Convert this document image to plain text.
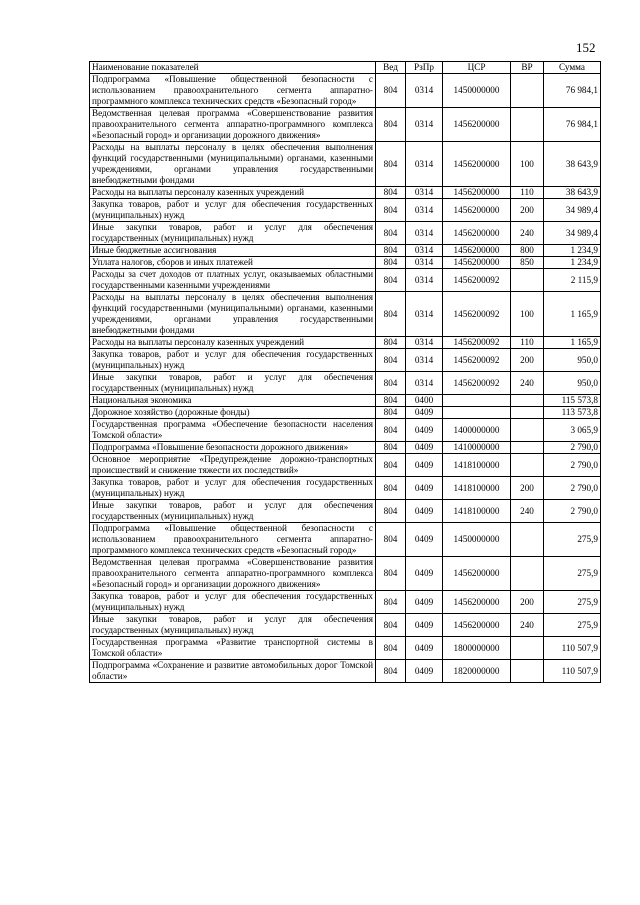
152
Наименование показателей	Вед	РзПр	ЦСР	ВР	Сумма
Подпрограмма «Повышение общественной безопасности с использованием правоохранительного сегмента аппаратно-программного комплекса технических средств «Безопасный город»	804	0314	1450000000		76 984,1
Ведомственная целевая программа «Совершенствование развития правоохранительного сегмента аппаратно-программного комплекса «Безопасный город» и организации дорожного движения»	804	0314	1456200000		76 984,1
Расходы на выплаты персоналу в целях обеспечения выполнения функций государственными (муниципальными) органами, казенными учреждениями, органами управления государственными внебюджетными фондами	804	0314	1456200000	100	38 643,9
Расходы на выплаты персоналу казенных учреждений	804	0314	1456200000	110	38 643,9
Закупка товаров, работ и услуг для обеспечения государственных (муниципальных) нужд	804	0314	1456200000	200	34 989,4
Иные закупки товаров, работ и услуг для обеспечения государственных (муниципальных) нужд	804	0314	1456200000	240	34 989,4
Иные бюджетные ассигнования	804	0314	1456200000	800	1 234,9
Уплата налогов, сборов и иных платежей	804	0314	1456200000	850	1 234,9
Расходы за счет доходов от платных услуг, оказываемых областными государственными казенными учреждениями	804	0314	1456200092		2 115,9
Расходы на выплаты персоналу в целях обеспечения выполнения функций государственными (муниципальными) органами, казенными учреждениями, органами управления государственными внебюджетными фондами	804	0314	1456200092	100	1 165,9
Расходы на выплаты персоналу казенных учреждений	804	0314	1456200092	110	1 165,9
Закупка товаров, работ и услуг для обеспечения государственных (муниципальных) нужд	804	0314	1456200092	200	950,0
Иные закупки товаров, работ и услуг для обеспечения государственных (муниципальных) нужд	804	0314	1456200092	240	950,0
Национальная экономика	804	0400			115 573,8
Дорожное хозяйство (дорожные фонды)	804	0409			113 573,8
Государственная программа «Обеспечение безопасности населения Томской области»	804	0409	1400000000		3 065,9
Подпрограмма «Повышение безопасности дорожного движения»	804	0409	1410000000		2 790,0
Основное мероприятие «Предупреждение дорожно-транспортных происшествий и снижение тяжести их последствий»	804	0409	1418100000		2 790,0
Закупка товаров, работ и услуг для обеспечения государственных (муниципальных) нужд	804	0409	1418100000	200	2 790,0
Иные закупки товаров, работ и услуг для обеспечения государственных (муниципальных) нужд	804	0409	1418100000	240	2 790,0
Подпрограмма «Повышение общественной безопасности с использованием правоохранительного сегмента аппаратно-программного комплекса технических средств «Безопасный город»	804	0409	1450000000		275,9
Ведомственная целевая программа «Совершенствование развития правоохранительного сегмента аппаратно-программного комплекса «Безопасный город» и организации дорожного движения»	804	0409	1456200000		275,9
Закупка товаров, работ и услуг для обеспечения государственных (муниципальных) нужд	804	0409	1456200000	200	275,9
Иные закупки товаров, работ и услуг для обеспечения государственных (муниципальных) нужд	804	0409	1456200000	240	275,9
Государственная программа «Развитие транспортной системы в Томской области»	804	0409	1800000000		110 507,9
Подпрограмма «Сохранение и развитие автомобильных дорог Томской области»	804	0409	1820000000		110 507,9
